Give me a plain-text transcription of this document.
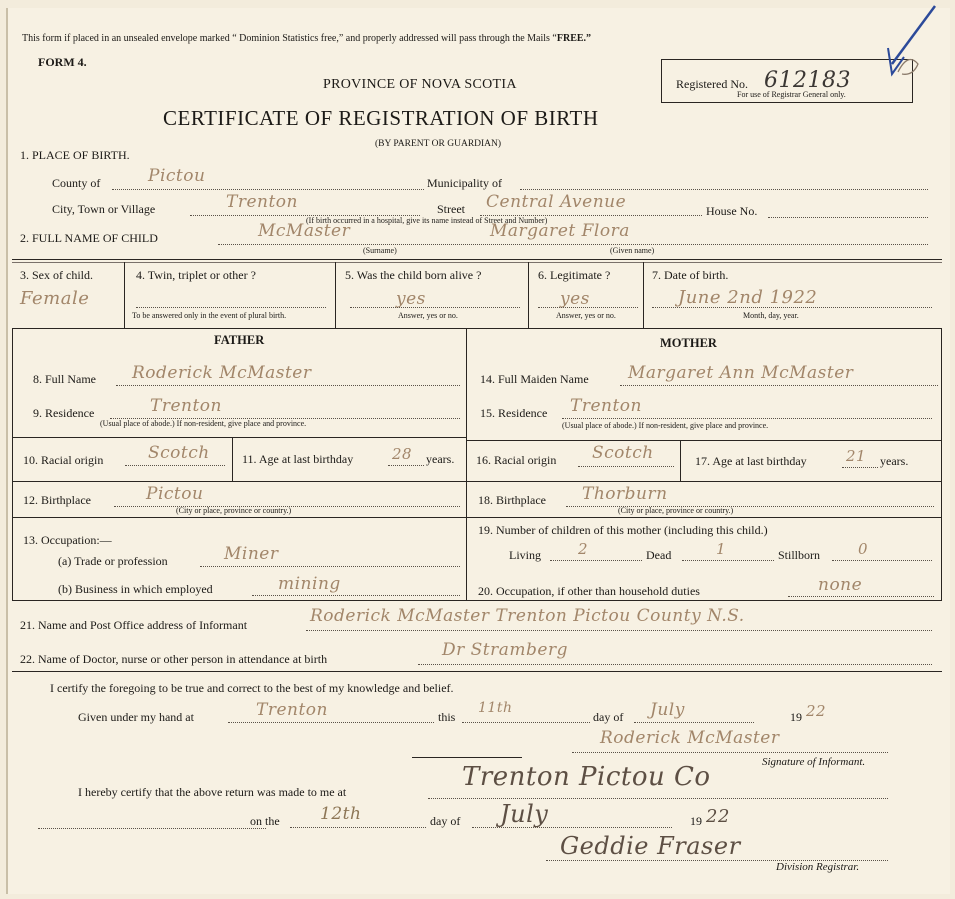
This form if placed in an unsealed envelope marked “ Dominion Statistics free,” and properly addressed will pass through the Mails “FREE.”
FORM 4.
PROVINCE OF NOVA SCOTIA
CERTIFICATE OF REGISTRATION OF BIRTH
(BY PARENT OR GUARDIAN)
Registered No. 612183
For use of Registrar General only.
1. PLACE OF BIRTH.
County of	Pictou	Municipality of
City, Town or Village	Trenton	Street Central Avenue	House No.
(If birth occurred in a hospital, give its name instead of Street and Number)
2. FULL NAME OF CHILD	McMaster	Margaret Flora
(Surname)	(Given name)
3. Sex of child.
Female
4. Twin, triplet or other ?
To be answered only in the event of plural birth.
5. Was the child born alive ?
yes
Answer, yes or no.
6. Legitimate ?
yes
Answer, yes or no.
7. Date of birth.
June 2nd 1922
Month, day, year.
FATHER	MOTHER
8. Full Name Roderick McMaster	14. Full Maiden Name Margaret Ann McMaster
9. Residence	Trenton
(Usual place of abode.) If non-resident, give place and province.
15. Residence Trenton
(Usual place of abode.) If non-resident, give place and province.
10. Racial origin	Scotch	11. Age at last birthday	28 years. 16. Racial origin Scotch	17. Age at last birthday	21 years.
12. Birthplace	Pictou
(City or place, province or country.)
18. Birthplace Thorburn
(City or place, province or country.)
13. Occupation:—
(a) Trade or profession	Miner
(b) Business in which employed	mining
19. Number of children of this mother (including this child.)
Living 2	Dead	1	Stillborn	0
20. Occupation, if other than household duties	none
21. Name and Post Office address of Informant	Roderick McMaster Trenton Pictou County N.S.
22. Name of Doctor, nurse or other person in attendance at birth	Dr Stramberg
I certify the foregoing to be true and correct to the best of my knowledge and belief.
Given under my hand at	Trenton	this
11th
day of July	19 22
Roderick McMaster
Signature of Informant.
I hereby certify that the above return was made to me at	Trenton Pictou Co
on the 12th	day of July	19 22
Geddie Fraser
Division Registrar.
